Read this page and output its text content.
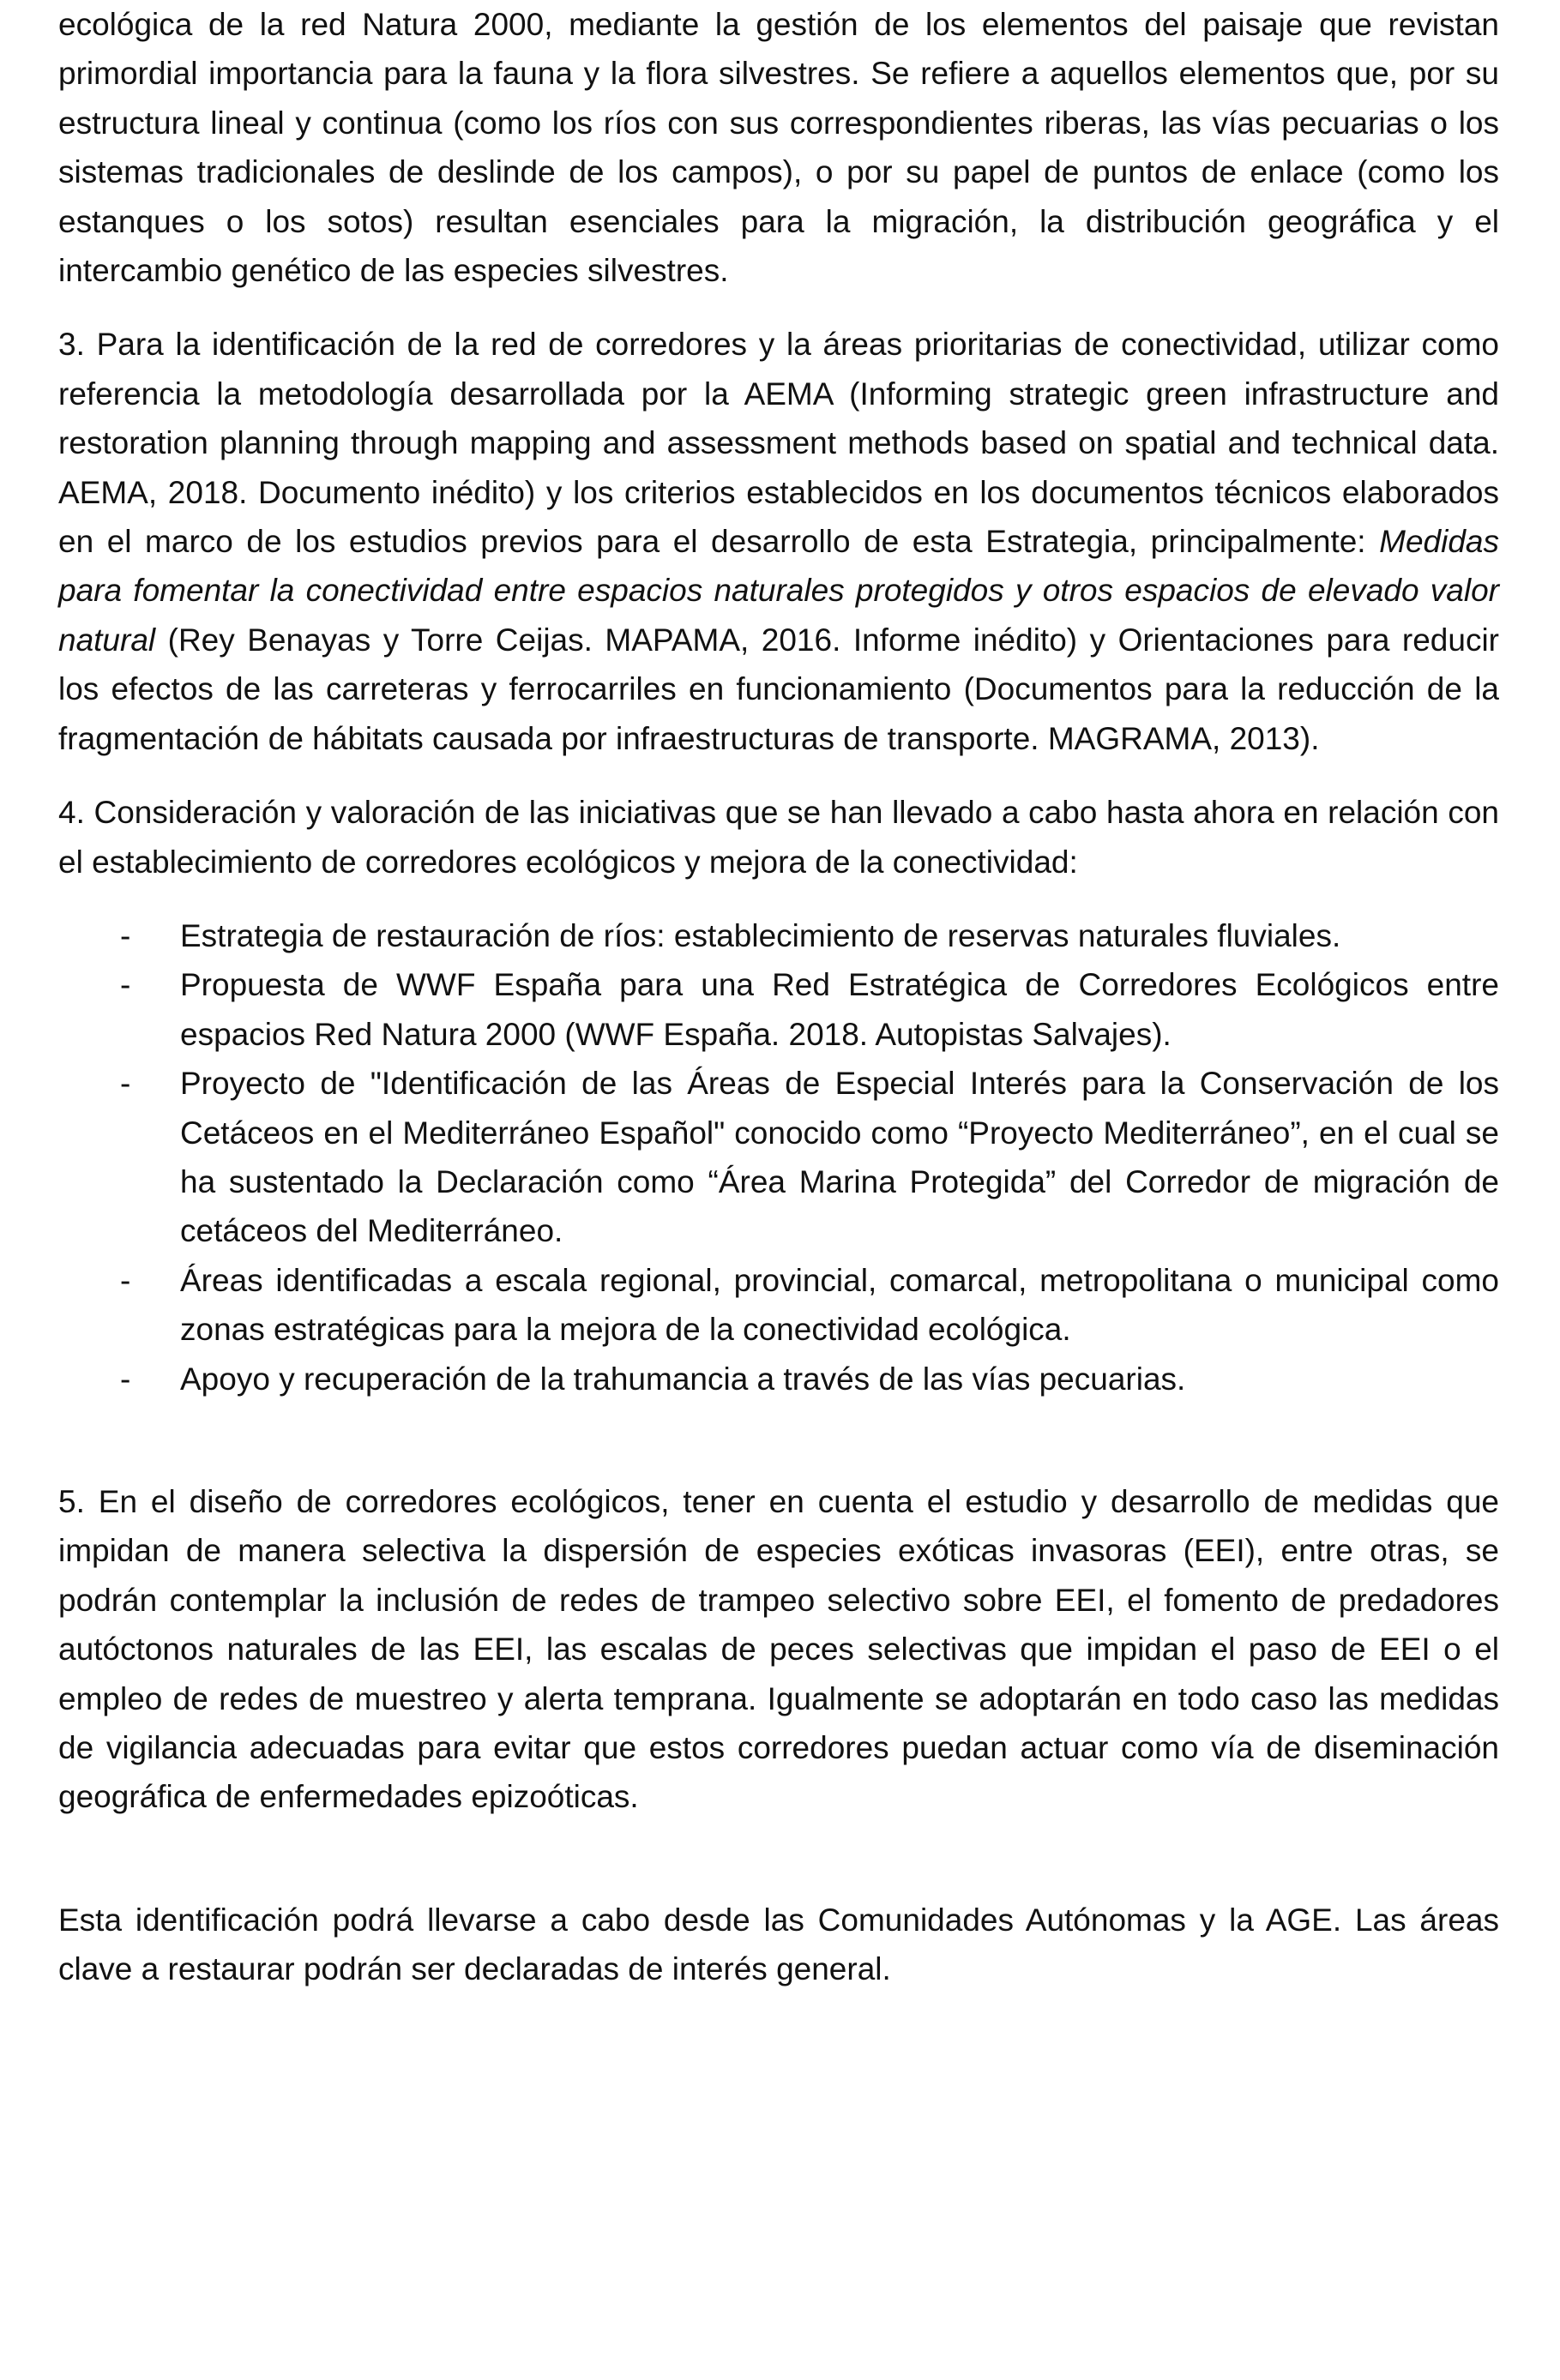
ecológica de la red Natura 2000, mediante la gestión de los elementos del paisaje que revistan primordial importancia para la fauna y la flora silvestres. Se refiere a aquellos elementos que, por su estructura lineal y continua (como los ríos con sus correspondientes riberas, las vías pecuarias o los sistemas tradicionales de deslinde de los campos), o por su papel de puntos de enlace (como los estanques o los sotos) resultan esenciales para la migración, la distribución geográfica y el intercambio genético de las especies silvestres.

3. Para la identificación de la red de corredores y la áreas prioritarias de conectividad, utilizar como referencia la metodología desarrollada por la AEMA (Informing strategic green infrastructure and restoration planning through mapping and assessment methods based on spatial and technical data. AEMA, 2018. Documento inédito) y los criterios establecidos en los documentos técnicos elaborados en el marco de los estudios previos para el desarrollo de esta Estrategia, principalmente: Medidas para fomentar la conectividad entre espacios naturales protegidos y otros espacios de elevado valor natural (Rey Benayas y Torre Ceijas. MAPAMA, 2016. Informe inédito) y Orientaciones para reducir los efectos de las carreteras y ferrocarriles en funcionamiento (Documentos para la reducción de la fragmentación de hábitats causada por infraestructuras de transporte. MAGRAMA, 2013).

4. Consideración y valoración de las iniciativas que se han llevado a cabo hasta ahora en relación con el establecimiento de corredores ecológicos y mejora de la conectividad:

- Estrategia de restauración de ríos: establecimiento de reservas naturales fluviales.
- Propuesta de WWF España para una Red Estratégica de Corredores Ecológicos entre espacios Red Natura 2000 (WWF España. 2018. Autopistas Salvajes).
- Proyecto de "Identificación de las Áreas de Especial Interés para la Conservación de los Cetáceos en el Mediterráneo Español" conocido como “Proyecto Mediterráneo”, en el cual se ha sustentado la Declaración como “Área Marina Protegida” del Corredor de migración de cetáceos del Mediterráneo.
- Áreas identificadas a escala regional, provincial, comarcal, metropolitana o municipal como zonas estratégicas para la mejora de la conectividad ecológica.
- Apoyo y recuperación de la trahumancia a través de las vías pecuarias.

5. En el diseño de corredores ecológicos, tener en cuenta el estudio y desarrollo de medidas que impidan de manera selectiva la dispersión de especies exóticas invasoras (EEI), entre otras, se podrán contemplar la inclusión de redes de trampeo selectivo sobre EEI, el fomento de predadores autóctonos naturales de las EEI, las escalas de peces selectivas que impidan el paso de EEI o el empleo de redes de muestreo y alerta temprana. Igualmente se adoptarán en todo caso las medidas de vigilancia adecuadas para evitar que estos corredores puedan actuar como vía de diseminación geográfica de enfermedades epizoóticas.

Esta identificación podrá llevarse a cabo desde las Comunidades Autónomas y la AGE. Las áreas clave a restaurar podrán ser declaradas de interés general.
